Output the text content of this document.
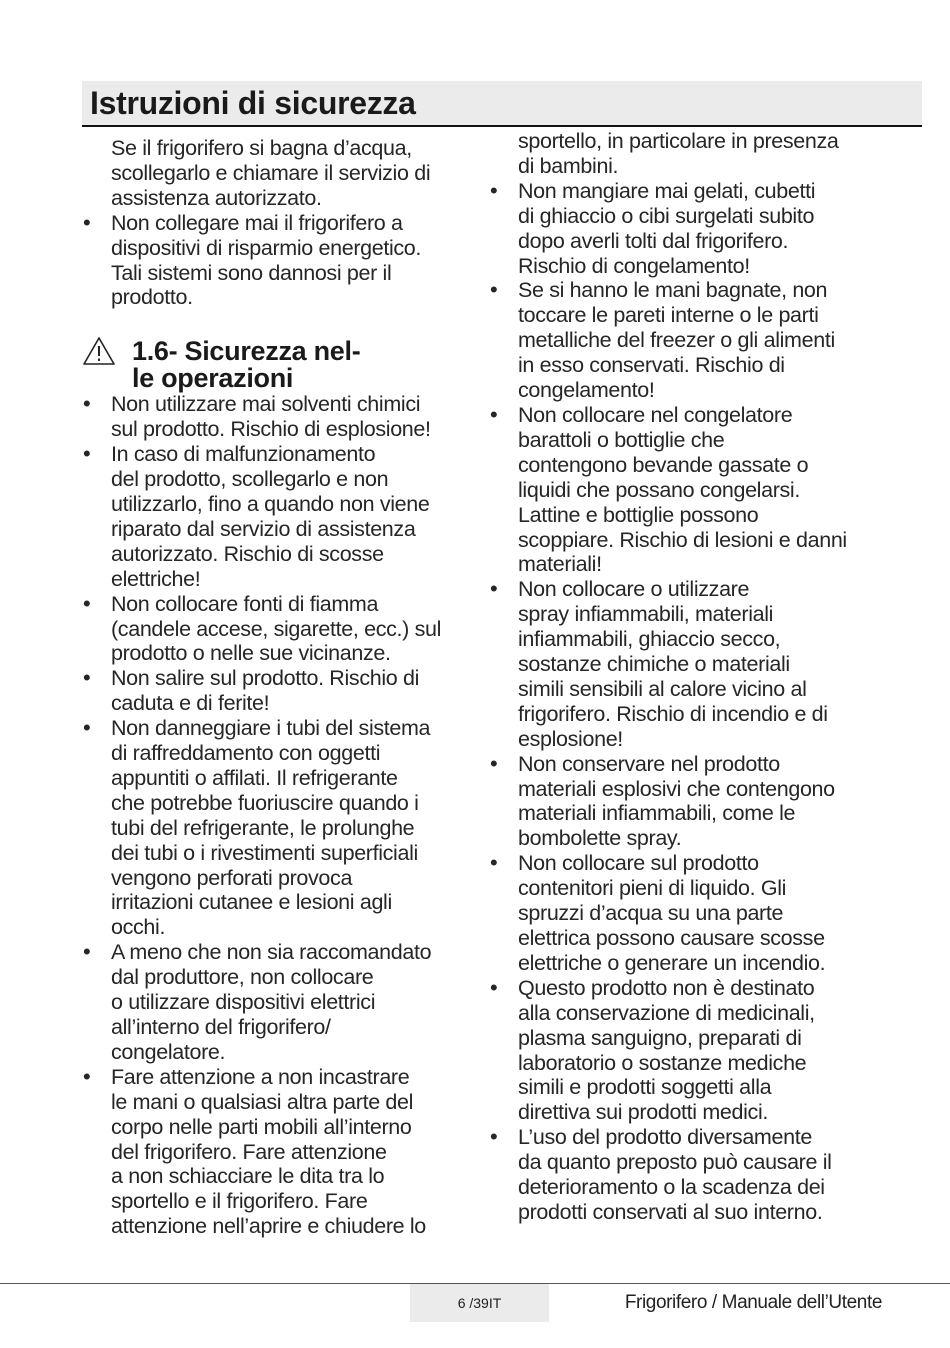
Istruzioni di sicurezza
Se il frigorifero si bagna d’acqua,
scollegarlo e chiamare il servizio di
assistenza autorizzato.
• Non collegare mai il frigorifero a
dispositivi di risparmio energetico.
Tali sistemi sono dannosi per il
prodotto.
1.6- Sicurezza nel-
le operazioni
• Non utilizzare mai solventi chimici
sul prodotto. Rischio di esplosione!
• In caso di malfunzionamento
del prodotto, scollegarlo e non
utilizzarlo, fino a quando non viene
riparato dal servizio di assistenza
autorizzato. Rischio di scosse
elettriche!
• Non collocare fonti di fiamma
(candele accese, sigarette, ecc.) sul
prodotto o nelle sue vicinanze.
• Non salire sul prodotto. Rischio di
caduta e di ferite!
• Non danneggiare i tubi del sistema
di raffreddamento con oggetti
appuntiti o affilati. Il refrigerante
che potrebbe fuoriuscire quando i
tubi del refrigerante, le prolunghe
dei tubi o i rivestimenti superficiali
vengono perforati provoca
irritazioni cutanee e lesioni agli
occhi.
• A meno che non sia raccomandato
dal produttore, non collocare
o utilizzare dispositivi elettrici
all’interno del frigorifero/
congelatore.
• Fare attenzione a non incastrare
le mani o qualsiasi altra parte del
corpo nelle parti mobili all’interno
del frigorifero. Fare attenzione
a non schiacciare le dita tra lo
sportello e il frigorifero. Fare
attenzione nell’aprire e chiudere lo
sportello, in particolare in presenza
di bambini.
• Non mangiare mai gelati, cubetti
di ghiaccio o cibi surgelati subito
dopo averli tolti dal frigorifero.
Rischio di congelamento!
• Se si hanno le mani bagnate, non
toccare le pareti interne o le parti
metalliche del freezer o gli alimenti
in esso conservati. Rischio di
congelamento!
• Non collocare nel congelatore
barattoli o bottiglie che
contengono bevande gassate o
liquidi che possano congelarsi.
Lattine e bottiglie possono
scoppiare. Rischio di lesioni e danni
materiali!
• Non collocare o utilizzare
spray infiammabili, materiali
infiammabili, ghiaccio secco,
sostanze chimiche o materiali
simili sensibili al calore vicino al
frigorifero. Rischio di incendio e di
esplosione!
• Non conservare nel prodotto
materiali esplosivi che contengono
materiali infiammabili, come le
bombolette spray.
• Non collocare sul prodotto
contenitori pieni di liquido. Gli
spruzzi d’acqua su una parte
elettrica possono causare scosse
elettriche o generare un incendio.
• Questo prodotto non è destinato
alla conservazione di medicinali,
plasma sanguigno, preparati di
laboratorio o sostanze mediche
simili e prodotti soggetti alla
direttiva sui prodotti medici.
• L’uso del prodotto diversamente
da quanto preposto può causare il
deterioramento o la scadenza dei
prodotti conservati al suo interno.
6 /39IT	Frigorifero / Manuale dell’Utente
